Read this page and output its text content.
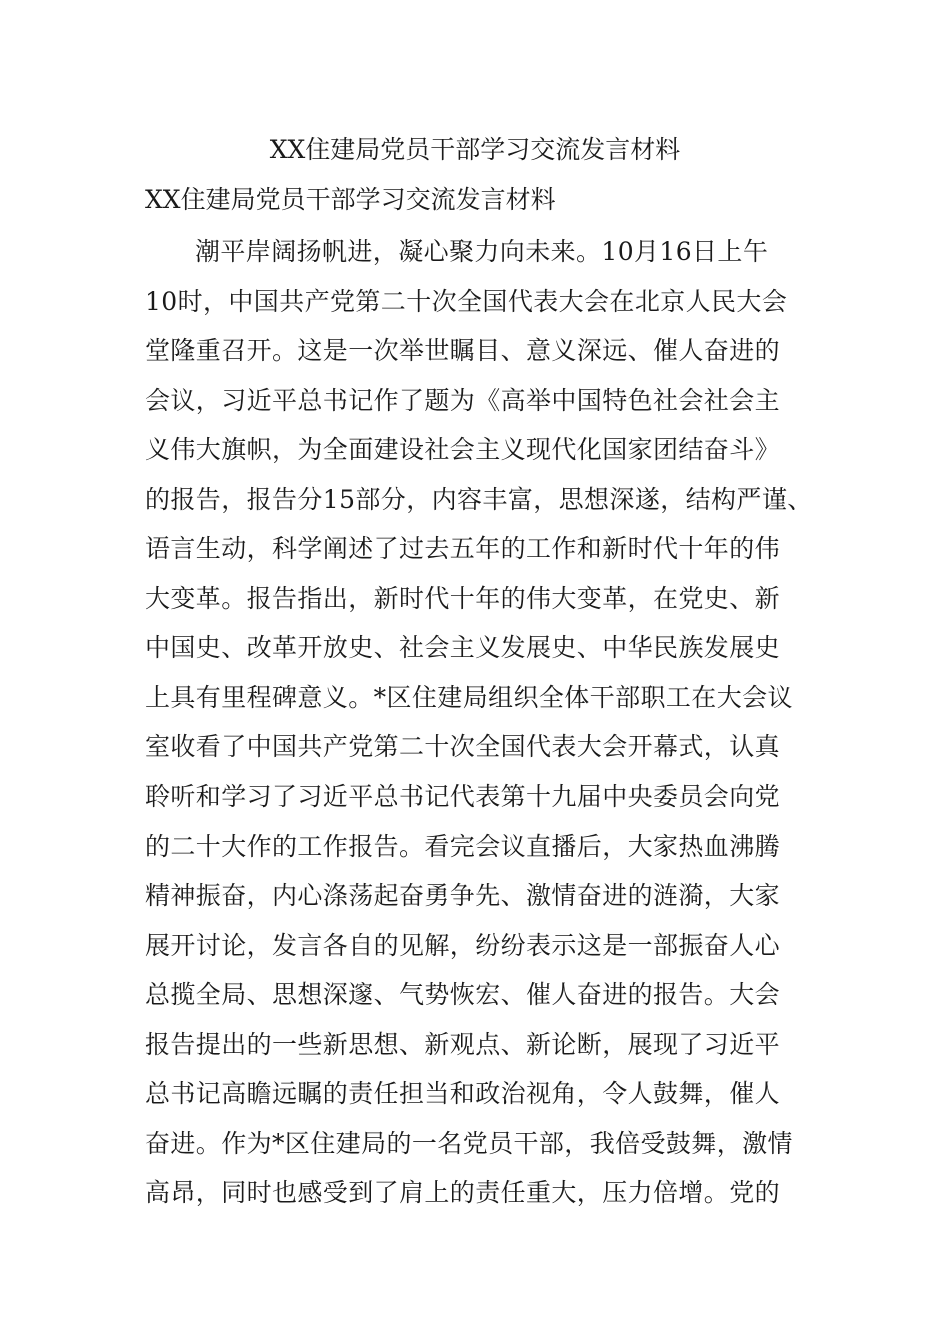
XX住建局党员干部学习交流发言材料
XX住建局党员干部学习交流发言材料
潮平岸阔扬帆进，凝心聚力向未来。10月16日上午
10时，中国共产党第二十次全国代表大会在北京人民大会
堂隆重召开。这是一次举世瞩目、意义深远、催人奋进的
会议，习近平总书记作了题为《高举中国特色社会社会主
义伟大旗帜，为全面建设社会主义现代化国家团结奋斗》
的报告，报告分15部分，内容丰富，思想深遂，结构严谨、
语言生动，科学阐述了过去五年的工作和新时代十年的伟
大变革。报告指出，新时代十年的伟大变革，在党史、新
中国史、改革开放史、社会主义发展史、中华民族发展史
上具有里程碑意义。*区住建局组织全体干部职工在大会议
室收看了中国共产党第二十次全国代表大会开幕式，认真
聆听和学习了习近平总书记代表第十九届中央委员会向党
的二十大作的工作报告。看完会议直播后，大家热血沸腾
精神振奋，内心涤荡起奋勇争先、激情奋进的涟漪，大家
展开讨论，发言各自的见解，纷纷表示这是一部振奋人心
总揽全局、思想深邃、气势恢宏、催人奋进的报告。大会
报告提出的一些新思想、新观点、新论断，展现了习近平
总书记高瞻远瞩的责任担当和政治视角，令人鼓舞，催人
奋进。作为*区住建局的一名党员干部，我倍受鼓舞，激情
高昂，同时也感受到了肩上的责任重大，压力倍增。党的
